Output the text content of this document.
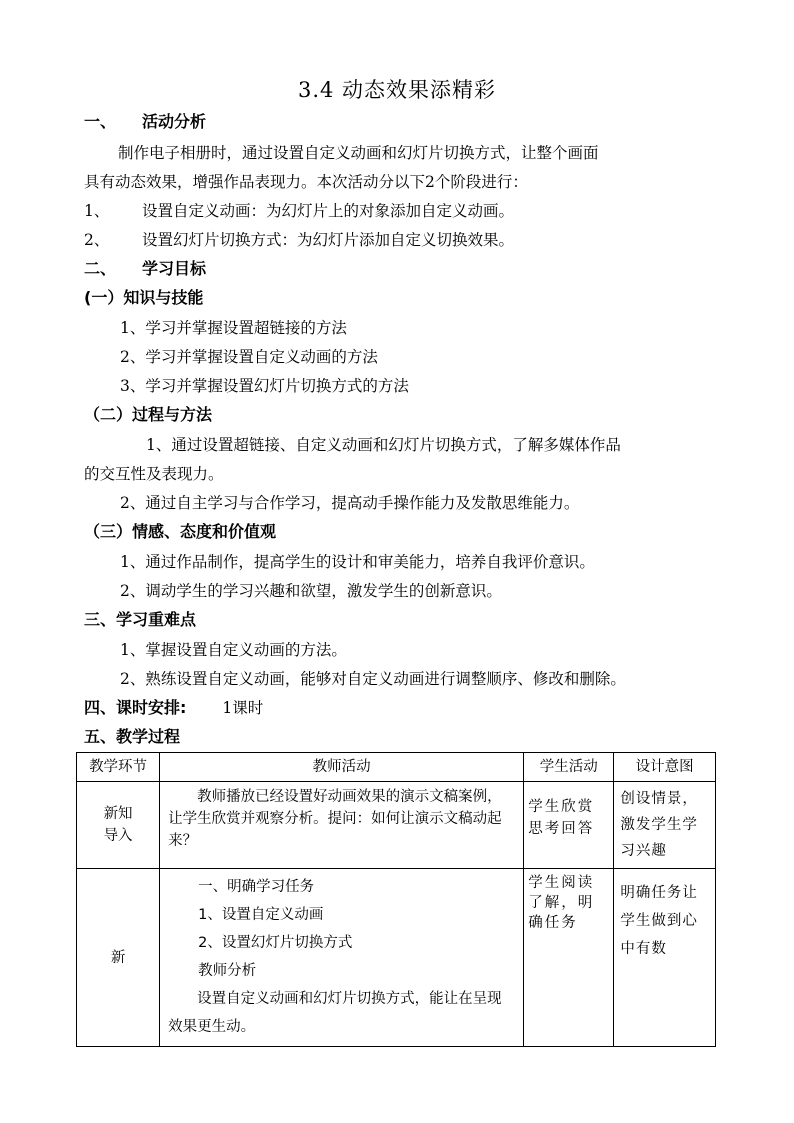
3.4 动态效果添精彩
一、 活动分析
制作电子相册时，通过设置自定义动画和幻灯片切换方式，让整个画面
具有动态效果，增强作品表现力。本次活动分以下2个阶段进行：
1、 设置自定义动画：为幻灯片上的对象添加自定义动画。
2、 设置幻灯片切换方式：为幻灯片添加自定义切换效果。
二、 学习目标
(一）知识与技能
1、学习并掌握设置超链接的方法
2、学习并掌握设置自定义动画的方法
3、学习并掌握设置幻灯片切换方式的方法
（二）过程与方法
1、通过设置超链接、自定义动画和幻灯片切换方式，了解多媒体作品
的交互性及表现力。
2、通过自主学习与合作学习，提高动手操作能力及发散思维能力。
（三）情感、态度和价值观
1、通过作品制作，提高学生的设计和审美能力，培养自我评价意识。
2、调动学生的学习兴趣和欲望，激发学生的创新意识。
三、学习重难点
1、掌握设置自定义动画的方法。
2、熟练设置自定义动画，能够对自定义动画进行调整顺序、修改和删除。
四、课时安排: 1课时
五、教学过程
教学环节	教师活动	学生活动	设计意图

新知
导入	教师播放已经设置好动画效果的演示文稿案例，让学生欣赏并观察分析。提问：如何让演示文稿动起来？	学生欣赏思考回答	创设情景，激发学生学习兴趣

新	一、明确学习任务
1、设置自定义动画
2、设置幻灯片切换方式
教师分析
设置自定义动画和幻灯片切换方式，能让在呈现效果更生动。	学生阅读了解，明确任务	明确任务让学生做到心中有数
